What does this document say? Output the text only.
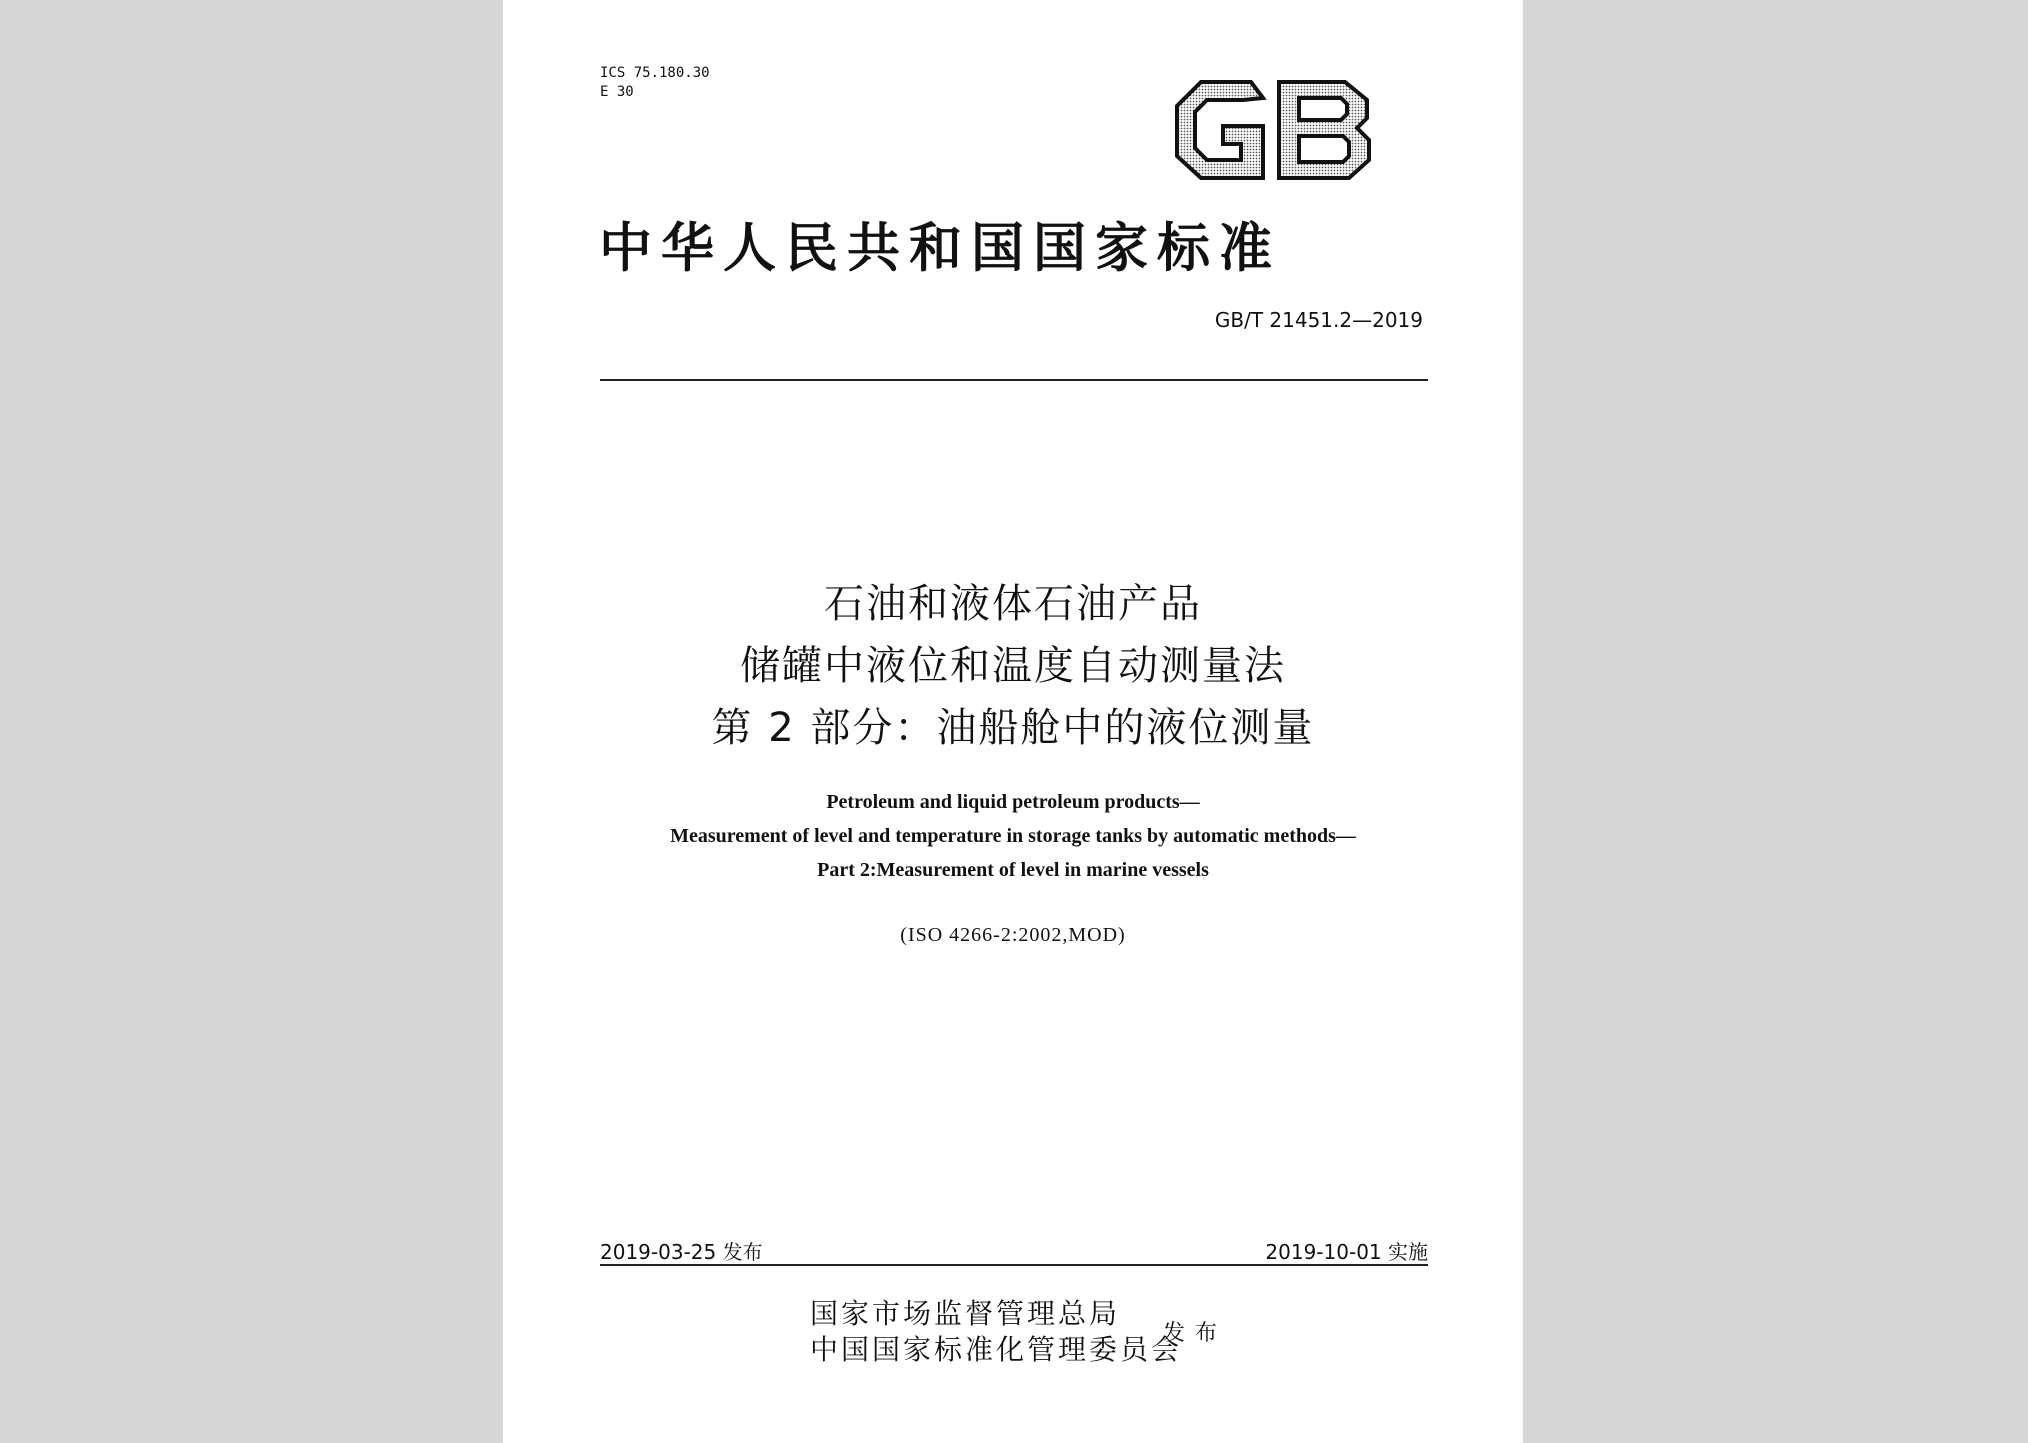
ICS 75.180.30
E 30
中华人民共和国国家标准
GB/T 21451.2—2019
石油和液体石油产品
储罐中液位和温度自动测量法
第 2 部分：油船舱中的液位测量
Petroleum and liquid petroleum products—
Measurement of level and temperature in storage tanks by automatic methods—
Part 2:Measurement of level in marine vessels
(ISO 4266-2:2002,MOD)
2019-03-25 发布	2019-10-01 实施
国家市场监督管理总局
中国国家标准化管理委员会
发布
